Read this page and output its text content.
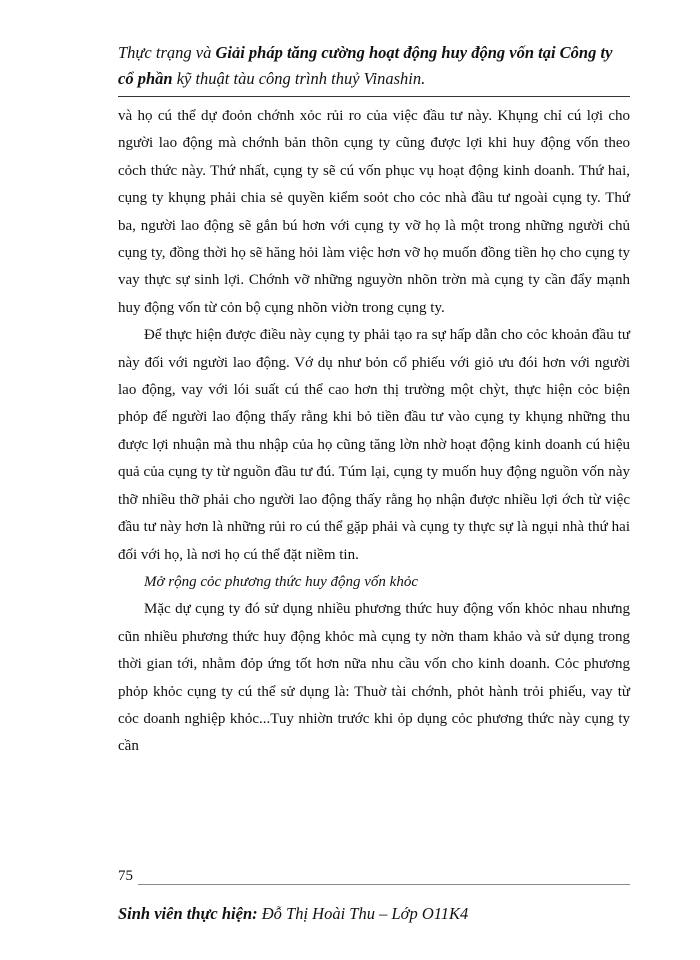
Thực trạng và Giải pháp tăng cường hoạt động huy động vốn tại Công ty cổ phần kỹ thuật tàu công trình thuỷ Vinashin.

và họ cú thể dự đoỏn chớnh xỏc rủi ro của việc đầu tư này. Khụng chỉ cú lợi cho người lao động mà chớnh bản thõn cụng ty cũng được lợi khi huy động vốn theo cỏch thức này. Thứ nhất, cụng ty sẽ cú vốn phục vụ hoạt động kinh doanh. Thứ hai, cụng ty khụng phải chia sẻ quyền kiểm soỏt cho cỏc nhà đầu tư ngoài cụng ty. Thứ ba, người lao động sẽ gắn bú hơn với cụng ty vỡ họ là một trong những người chủ cụng ty, đồng thời họ sẽ hăng hỏi làm việc hơn vỡ họ muốn đồng tiền họ cho cụng ty vay thực sự sinh lợi. Chớnh vỡ những nguyờn nhõn trờn mà cụng ty cần đẩy mạnh huy động vốn từ cỏn bộ cụng nhõn viờn trong cụng ty.

Để thực hiện được điều này cụng ty phải tạo ra sự hấp dẫn cho cỏc khoản đầu tư này đối với người lao động. Vớ dụ như bỏn cổ phiếu với giỏ ưu đói hơn với người lao động, vay với lói suất cú thể cao hơn thị trường một chỳt, thực hiện cỏc biện phỏp để người lao động thấy rằng khi bỏ tiền đầu tư vào cụng ty khụng những thu được lợi nhuận mà thu nhập của họ cũng tăng lờn nhờ hoạt động kinh doanh cú hiệu quả của cụng ty từ nguồn đầu tư đú. Túm lại, cụng ty muốn huy động nguồn vốn này thỡ nhiều thỡ phải cho người lao động thấy rằng họ nhận được nhiều lợi ớch từ việc đầu tư này hơn là những rủi ro cú thể gặp phải và cụng ty thực sự là ngụi nhà thứ hai đối với họ, là nơi họ cú thể đặt niềm tin.

Mở rộng cỏc phương thức huy động vốn khỏc

Mặc dự cụng ty đó sử dụng nhiều phương thức huy động vốn khỏc nhau nhưng cũn nhiều phương thức huy động khỏc mà cụng ty nờn tham khảo và sử dụng trong thời gian tới, nhằm đỏp ứng tốt hơn nữa nhu cầu vốn cho kinh doanh. Cỏc phương phỏp khỏc cụng ty cú thể sử dụng là: Thuờ tài chớnh, phỏt hành trỏi phiếu, vay từ cỏc doanh nghiệp khỏc...Tuy nhiờn trước khi ỏp dụng cỏc phương thức này cụng ty cần

75
Sinh viên thực hiện: Đỗ Thị Hoài Thu – Lớp O11K4
